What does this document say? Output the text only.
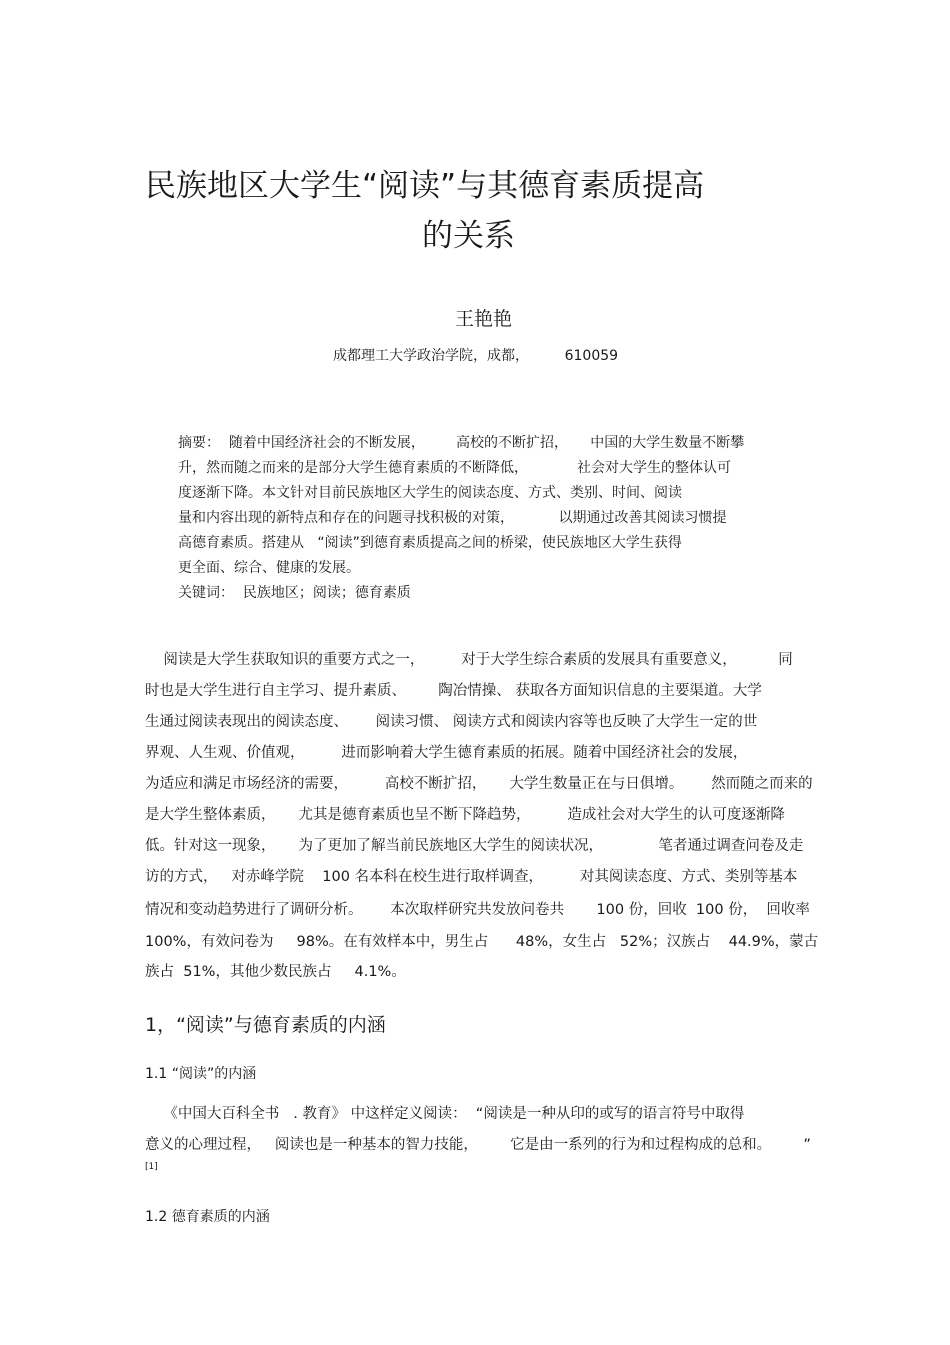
民族地区大学生“阅读”与其德育素质提高
的关系
王艳艳
成都理工大学政治学院，成都，        610059
摘要：  随着中国经济社会的不断发展，       高校的不断扩招，     中国的大学生数量不断攀
升，然而随之而来的是部分大学生德育素质的不断降低，           社会对大学生的整体认可
度逐渐下降。本文针对目前民族地区大学生的阅读态度、方式、类别、时间、阅读
量和内容出现的新特点和存在的问题寻找积极的对策，          以期通过改善其阅读习惯提
高德育素质。搭建从   “阅读”到德育素质提高之间的桥梁，使民族地区大学生获得
更全面、综合、健康的发展。
关键词：  民族地区；阅读；德育素质
阅读是大学生获取知识的重要方式之一，        对于大学生综合素质的发展具有重要意义，         同
时也是大学生进行自主学习、提升素质、       陶冶情操、 获取各方面知识信息的主要渠道。大学
生通过阅读表现出的阅读态度、      阅读习惯、 阅读方式和阅读内容等也反映了大学生一定的世
界观、人生观、价值观，        进而影响着大学生德育素质的拓展。随着中国经济社会的发展，
为适应和满足市场经济的需要，        高校不断扩招，     大学生数量正在与日俱增。      然而随之而来的
是大学生整体素质，     尤其是德育素质也呈不断下降趋势，        造成社会对大学生的认可度逐渐降
低。针对这一现象，     为了更加了解当前民族地区大学生的阅读状况，            笔者通过调查问卷及走
访的方式，   对赤峰学院    100 名本科在校生进行取样调查，        对其阅读态度、方式、类别等基本
情况和变动趋势进行了调研分析。      本次取样研究共发放问卷共       100 份，回收  100 份，  回收率
100%，有效问卷为     98%。在有效样本中，男生占      48%，女生占   52%；汉族占    44.9%，蒙古
族占  51%，其他少数民族占     4.1%。
1，“阅读”与德育素质的内涵
1.1 “阅读”的内涵
《中国大百科全书   . 教育》 中这样定义阅读：  “阅读是一种从印的或写的语言符号中取得
意义的心理过程，   阅读也是一种基本的智力技能，       它是由一系列的行为和过程构成的总和。       ”
[1]
1.2 德育素质的内涵
